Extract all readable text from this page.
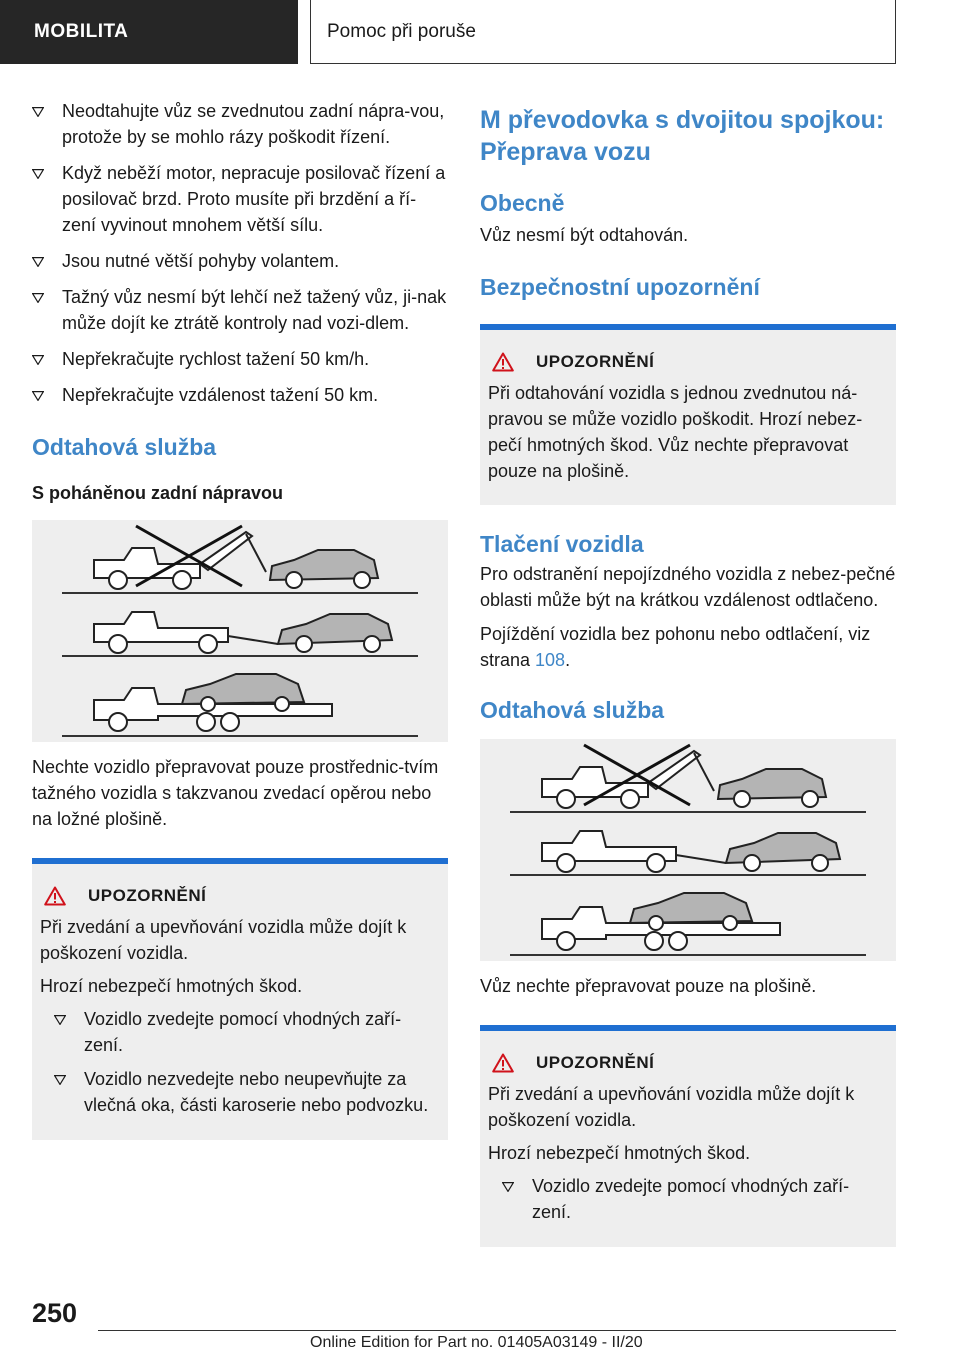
MOBILITA	Pomoc při poruše
Neodtahujte vůz se zvednutou zadní nápra‐vou, protože by se mohlo rázy poškodit řízení.
Když neběží motor, nepracuje posilovač řízení a posilovač brzd. Proto musíte při brzdění a ří‐zení vyvinout mnohem větší sílu.
Jsou nutné větší pohyby volantem.
Tažný vůz nesmí být lehčí než tažený vůz, ji‐nak může dojít ke ztrátě kontroly nad vozi‐dlem.
Nepřekračujte rychlost tažení 50 km/h.
Nepřekračujte vzdálenost tažení 50 km.
Odtahová služba
S poháněnou zadní nápravou

Nechte vozidlo přepravovat pouze prostřednic‐tvím tažného vozidla s takzvanou zvedací opěrou nebo na ložné plošině.

UPOZORNĚNÍ

Při zvedání a upevňování vozidla může dojít k poškození vozidla.

Hrozí nebezpečí hmotných škod.

Vozidlo zvedejte pomocí vhodných zaří‐zení.
Vozidlo nezvedejte nebo neupevňujte za vlečná oka, části karoserie nebo podvozku.
M převodovka s dvojitou spojkou: Přeprava vozu
Obecně

Vůz nesmí být odtahován.

Bezpečnostní upozornění
UPOZORNĚNÍ

Při odtahování vozidla s jednou zvednutou ná‐pravou se může vozidlo poškodit. Hrozí nebez‐pečí hmotných škod. Vůz nechte přepravovat pouze na plošině.

Tlačení vozidla

Pro odstranění nepojízdného vozidla z nebez‐pečné oblasti může být na krátkou vzdálenost odtlačeno.

Pojíždění vozidla bez pohonu nebo odtlačení, viz strana 108.

Odtahová služba

Vůz nechte přepravovat pouze na plošině.

UPOZORNĚNÍ

Při zvedání a upevňování vozidla může dojít k poškození vozidla.

Hrozí nebezpečí hmotných škod.

Vozidlo zvedejte pomocí vhodných zaří‐zení.
250
Online Edition for Part no. 01405A03149 - II/20
